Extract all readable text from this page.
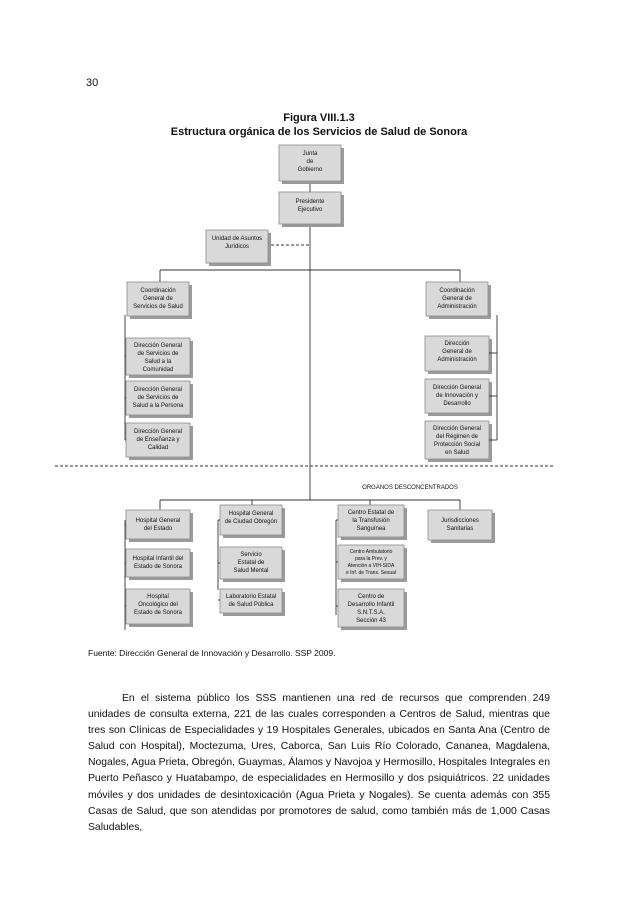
30
Figura VIII.1.3
Estructura orgánica de los Servicios de Salud de Sonora
Junta de Gobierno
Presidente Ejecutivo
Unidad de Asuntos Jurídicos
Coordinación General de Servicios de Salud
Coordinación General de Administración
Dirección General de Servicios de Salud a la Comunidad
Dirección General de Servicios de Salud a la Persona
Dirección General de Enseñanza y Calidad
Dirección General de Administración
Dirección General de Innovación y Desarrollo
Dirección General del Régimen de Protección Social en Salud
ORGANOS DESCONCENTRADOS
Hospital General del Estado
Hospital Infantil del Estado de Sonora
Hospital Oncológico del Estado de Sonora
Hospital General de Ciudad Obregón
Servicio Estatal de Salud Mental
Laboratorio Estatal de Salud Pública
Centro Estatal de la Transfusión Sanguínea
Centro Ambulatorio para la Prev. y Atención a VIH-SIDA e Inf. de Trans. Sexual
Centro de Desarrollo Infantil S.N.T.S.A. Sección 43
Jurisdicciones Sanitarias
Fuente: Dirección General de Innovación y Desarrollo. SSP 2009.

En el sistema público los SSS mantienen una red de recursos que comprenden 249 unidades de consulta externa, 221 de las cuales corresponden a Centros de Salud, mientras que tres son Clínicas de Especialidades y 19 Hospitales Generales, ubicados en Santa Ana (Centro de Salud con Hospital), Moctezuma, Ures, Caborca, San Luis Río Colorado, Cananea, Magdalena, Nogales, Agua Prieta, Obregón, Guaymas, Álamos y Navojoa y Hermosillo, Hospitales Integrales en Puerto Peñasco y Huatabampo, de especialidades en Hermosillo y dos psiquiátricos. 22 unidades móviles y dos unidades de desintoxicación (Agua Prieta y Nogales). Se cuenta además con 355 Casas de Salud, que son atendidas por promotores de salud, como también más de 1,000 Casas Saludables,
